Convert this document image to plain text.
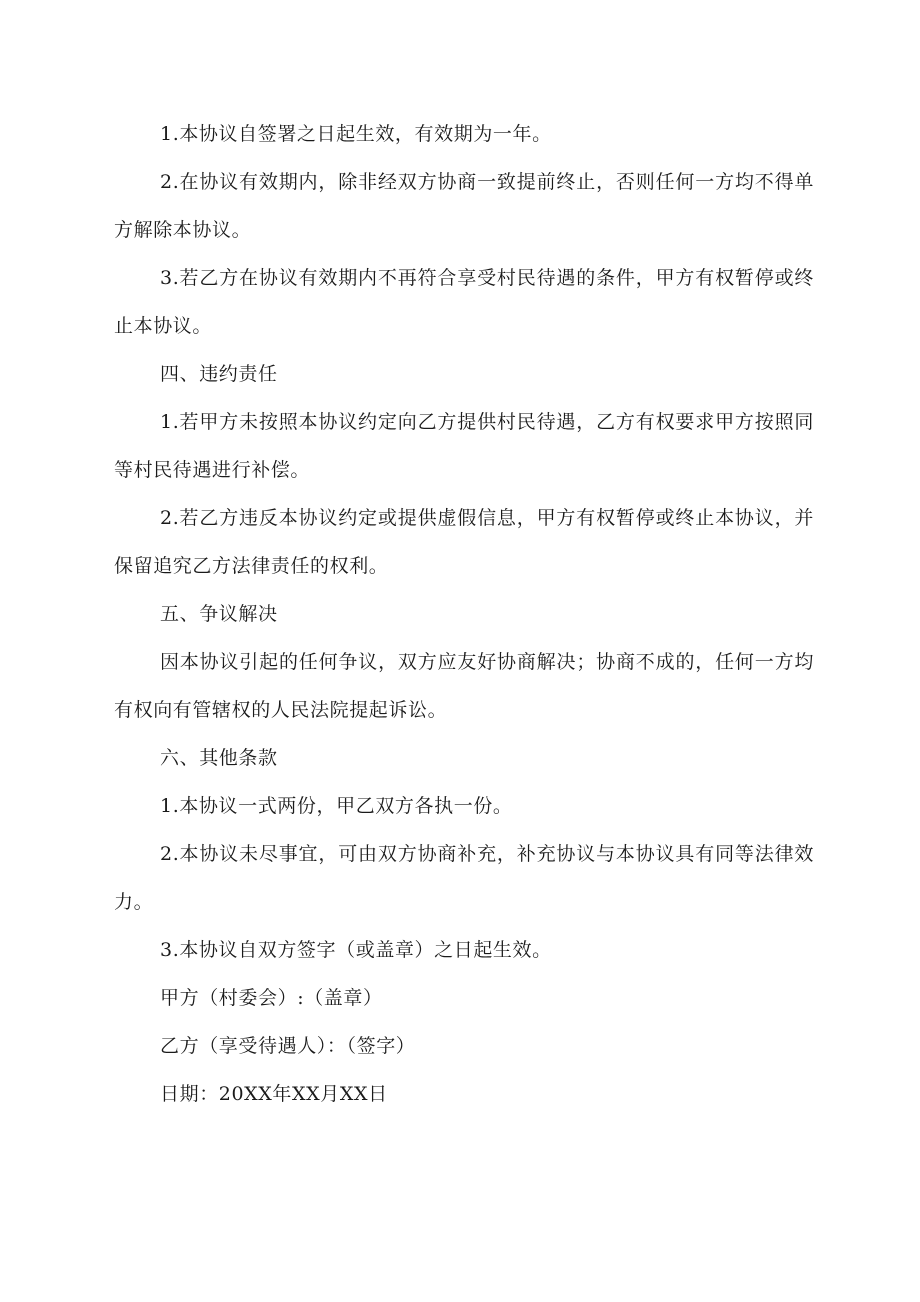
1.本协议自签署之日起生效，有效期为一年。

2.在协议有效期内，除非经双方协商一致提前终止，否则任何一方均不得单方解除本协议。

3.若乙方在协议有效期内不再符合享受村民待遇的条件，甲方有权暂停或终止本协议。

四、违约责任

1.若甲方未按照本协议约定向乙方提供村民待遇，乙方有权要求甲方按照同等村民待遇进行补偿。

2.若乙方违反本协议约定或提供虚假信息，甲方有权暂停或终止本协议，并保留追究乙方法律责任的权利。

五、争议解决

因本协议引起的任何争议，双方应友好协商解决；协商不成的，任何一方均有权向有管辖权的人民法院提起诉讼。

六、其他条款

1.本协议一式两份，甲乙双方各执一份。

2.本协议未尽事宜，可由双方协商补充，补充协议与本协议具有同等法律效力。

3.本协议自双方签字（或盖章）之日起生效。

甲方（村委会）:（盖章）

乙方（享受待遇人）：（签字）

日期：20XX年XX月XX日
